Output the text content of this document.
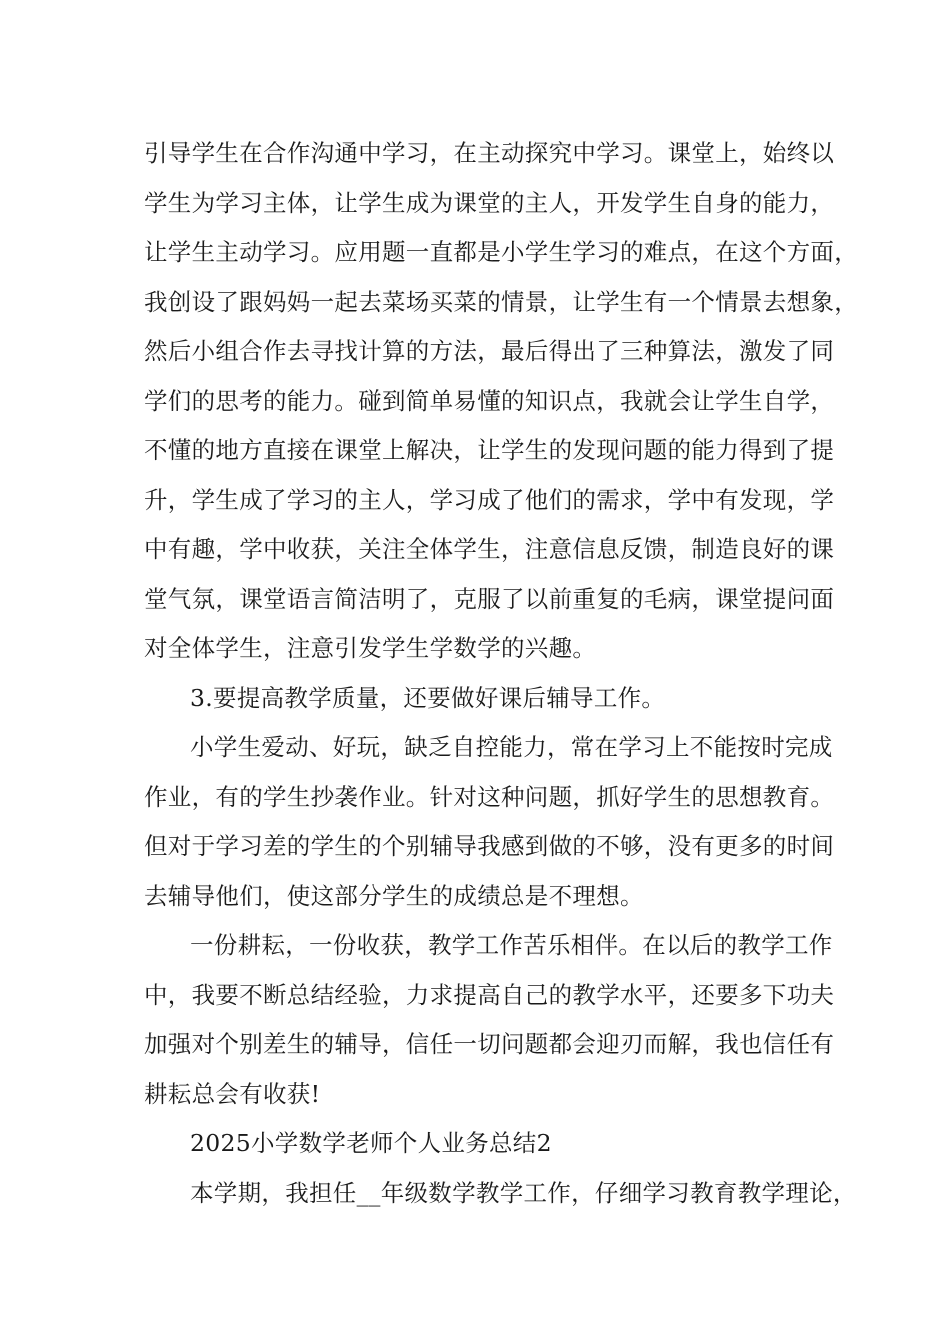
引导学生在合作沟通中学习，在主动探究中学习。课堂上，始终以
学生为学习主体，让学生成为课堂的主人，开发学生自身的能力，
让学生主动学习。应用题一直都是小学生学习的难点，在这个方面，
我创设了跟妈妈一起去菜场买菜的情景，让学生有一个情景去想象，
然后小组合作去寻找计算的方法，最后得出了三种算法，激发了同
学们的思考的能力。碰到简单易懂的知识点，我就会让学生自学，
不懂的地方直接在课堂上解决，让学生的发现问题的能力得到了提
升，学生成了学习的主人，学习成了他们的需求，学中有发现，学
中有趣，学中收获，关注全体学生，注意信息反馈，制造良好的课
堂气氛，课堂语言简洁明了，克服了以前重复的毛病，课堂提问面
对全体学生，注意引发学生学数学的兴趣。
3.要提高教学质量，还要做好课后辅导工作。
小学生爱动、好玩，缺乏自控能力，常在学习上不能按时完成
作业，有的学生抄袭作业。针对这种问题，抓好学生的思想教育。
但对于学习差的学生的个别辅导我感到做的不够，没有更多的时间
去辅导他们，使这部分学生的成绩总是不理想。
一份耕耘，一份收获，教学工作苦乐相伴。在以后的教学工作
中，我要不断总结经验，力求提高自己的教学水平，还要多下功夫
加强对个别差生的辅导，信任一切问题都会迎刃而解，我也信任有
耕耘总会有收获!
2025小学数学老师个人业务总结2
本学期，我担任__年级数学教学工作，仔细学习教育教学理论，
